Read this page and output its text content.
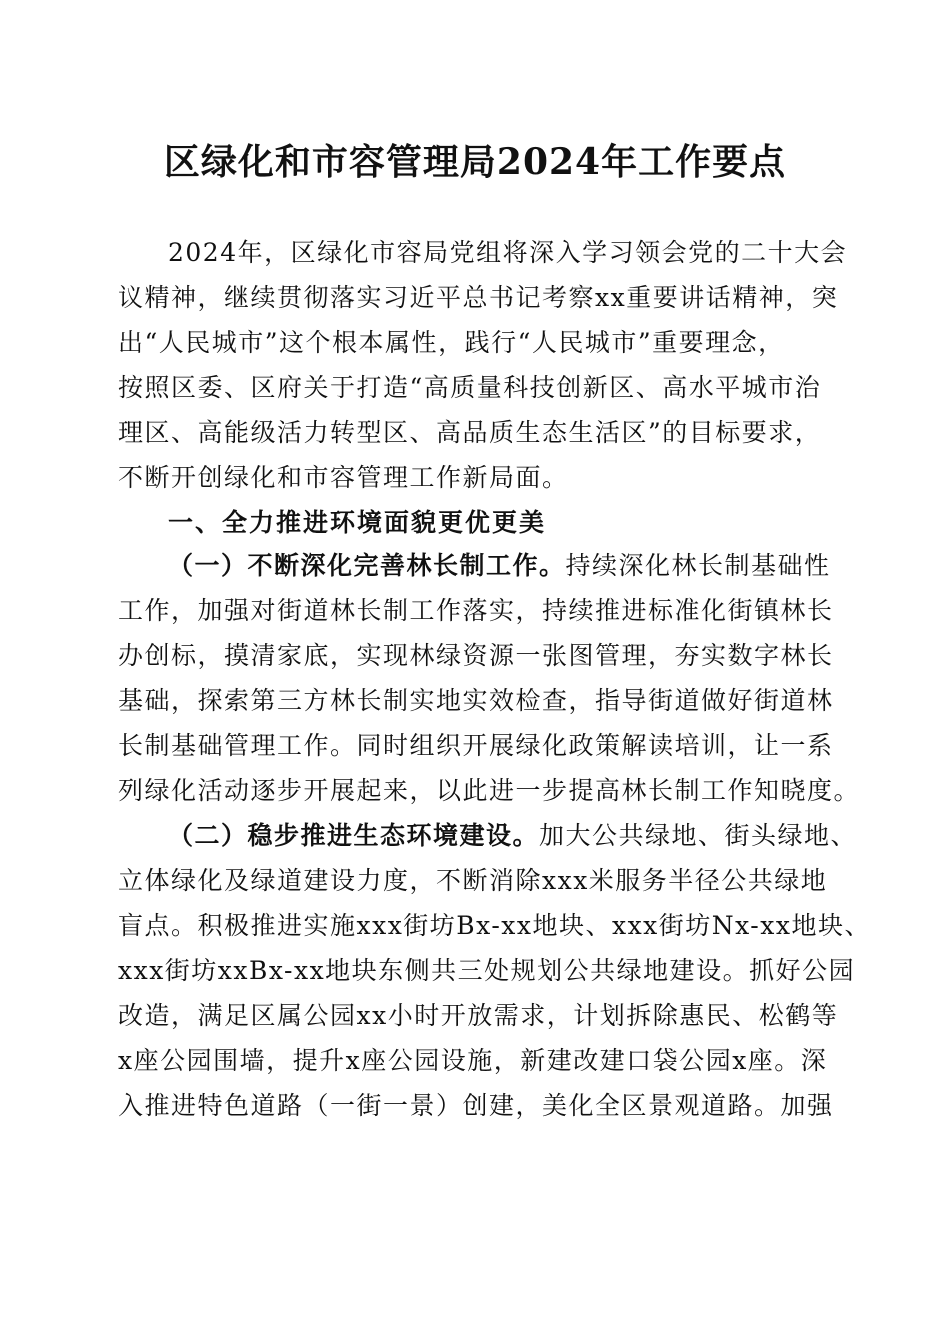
区绿化和市容管理局2024年工作要点
2024年，区绿化市容局党组将深入学习领会党的二十大会
议精神，继续贯彻落实习近平总书记考察xx重要讲话精神，突
出“人民城市”这个根本属性，践行“人民城市”重要理念，
按照区委、区府关于打造“高质量科技创新区、高水平城市治
理区、高能级活力转型区、高品质生态生活区”的目标要求，
不断开创绿化和市容管理工作新局面。
一、全力推进环境面貌更优更美
（一）不断深化完善林长制工作。持续深化林长制基础性
工作，加强对街道林长制工作落实，持续推进标准化街镇林长
办创标，摸清家底，实现林绿资源一张图管理，夯实数字林长
基础，探索第三方林长制实地实效检查，指导街道做好街道林
长制基础管理工作。同时组织开展绿化政策解读培训，让一系
列绿化活动逐步开展起来，以此进一步提高林长制工作知晓度。
（二）稳步推进生态环境建设。加大公共绿地、街头绿地、
立体绿化及绿道建设力度，不断消除xxx米服务半径公共绿地
盲点。积极推进实施xxx街坊Bx-xx地块、xxx街坊Nx-xx地块、
xxx街坊xxBx-xx地块东侧共三处规划公共绿地建设。抓好公园
改造，满足区属公园xx小时开放需求，计划拆除惠民、松鹤等
x座公园围墙，提升x座公园设施，新建改建口袋公园x座。深
入推进特色道路（一街一景）创建，美化全区景观道路。加强
